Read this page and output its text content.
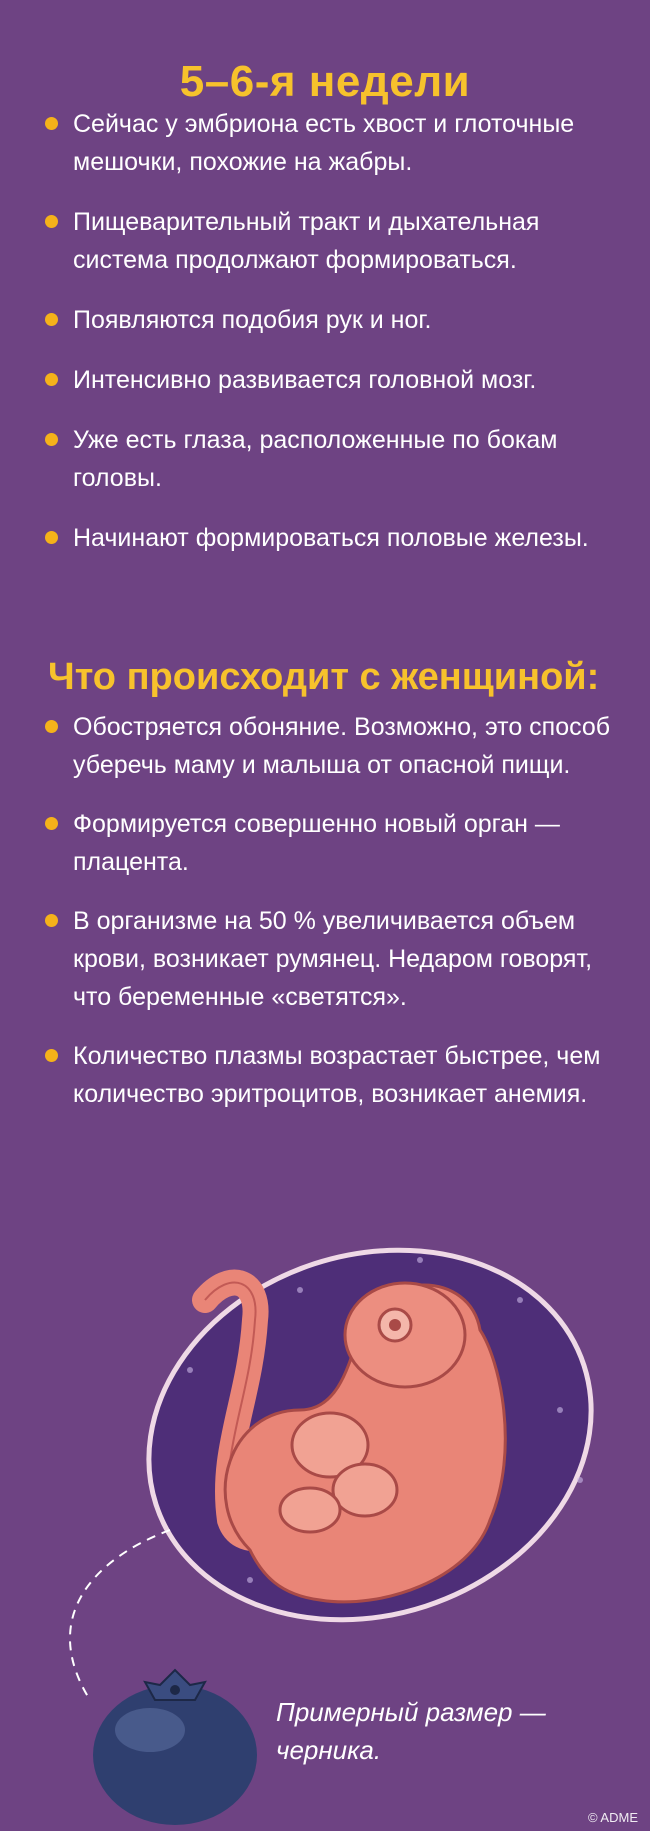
5–6-я недели
Сейчас у эмбриона есть хвост и глоточные мешочки, похожие на жабры.
Пищеварительный тракт и дыхательная система продолжают формироваться.
Появляются подобия рук и ног.
Интенсивно развивается головной мозг.
Уже есть глаза, расположенные по бокам головы.
Начинают формироваться половые железы.
Что происходит с женщиной:
Обостряется обоняние. Возможно, это способ уберечь маму и малыша от опасной пищи.
Формируется совершенно новый орган — плацента.
В организме на 50 % увеличивается объем крови, возникает румянец. Недаром говорят, что беременные «светятся».
Количество плазмы возрастает быстрее, чем количество эритроцитов, возникает анемия.
Примерный размер — черника.
© ADME
